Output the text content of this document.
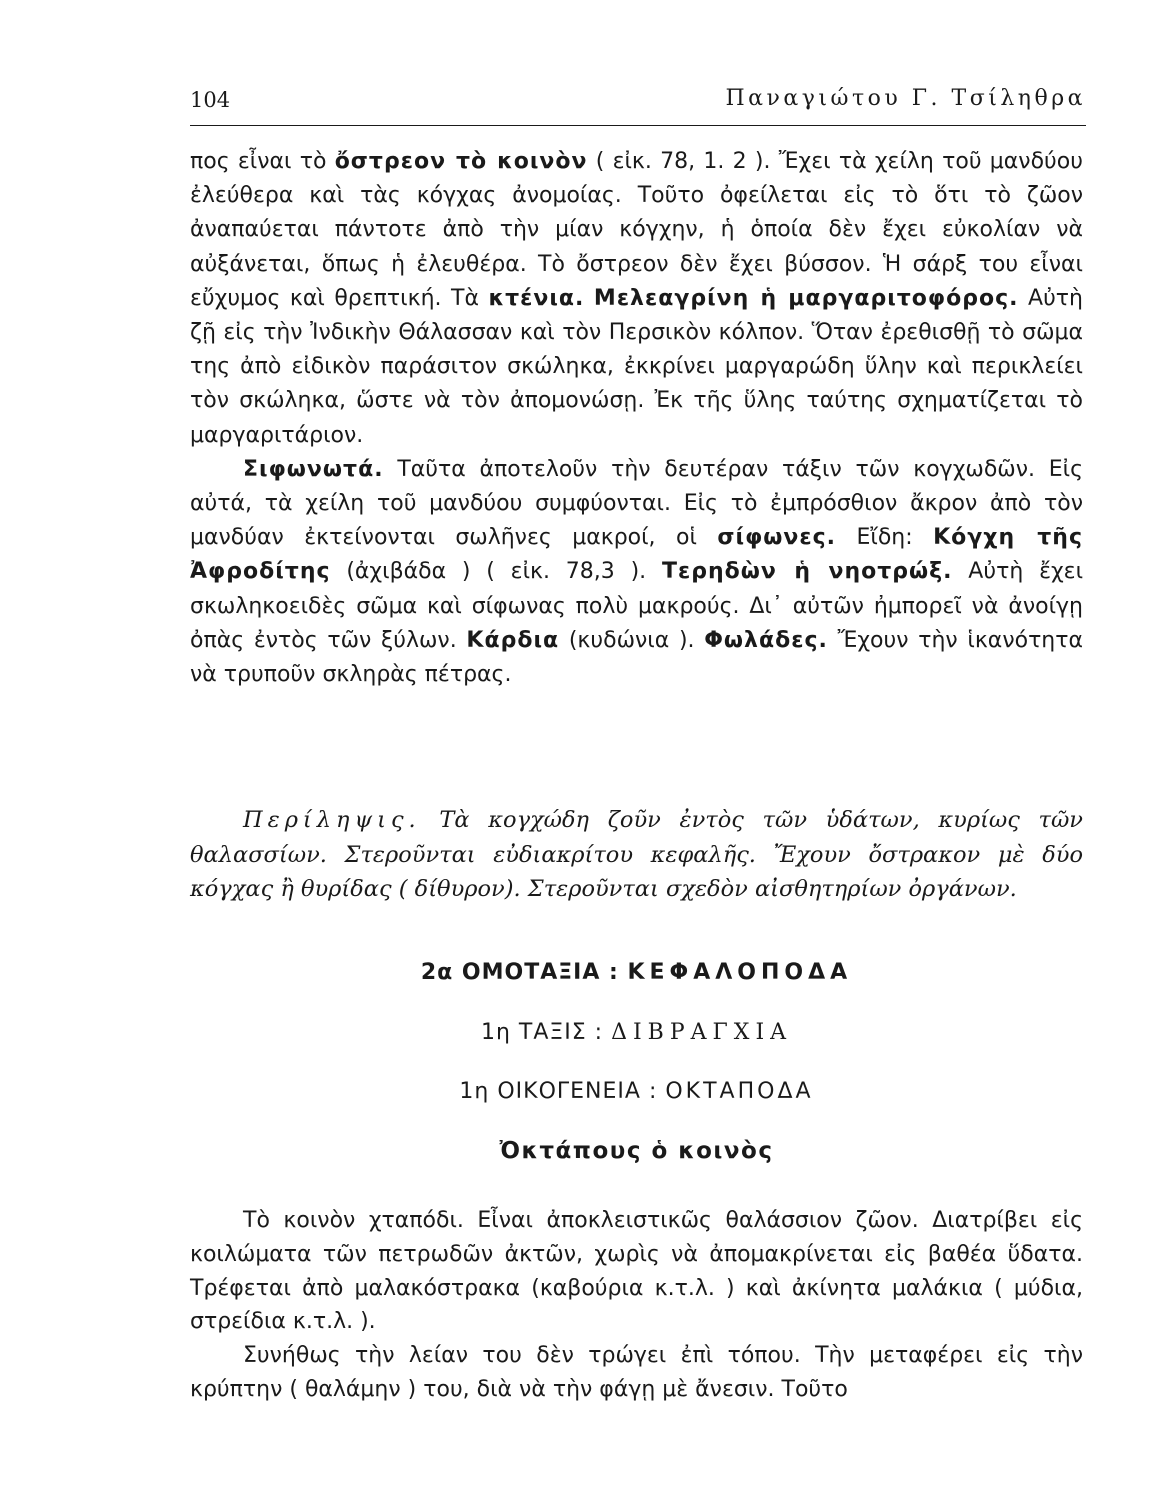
104	Παναγιώτου Γ. Τσίληθρα

πος εἶναι τὸ ὄστρεον τὸ κοινὸν ( εἰκ. 78, 1. 2 ). Ἔχει τὰ χείλη τοῦ μανδύου ἐλεύθερα καὶ τὰς κόγχας ἀνομοίας. Τοῦτο ὀφείλεται εἰς τὸ ὅτι τὸ ζῶον ἀναπαύεται πάντοτε ἀπὸ τὴν μίαν κόγχην, ἡ ὁποία δὲν ἔχει εὐκολίαν νὰ αὐξάνεται, ὅπως ἡ ἐλευθέρα. Τὸ ὄστρεον δὲν ἔχει βύσσον. Ἡ σάρξ του εἶναι εὔχυμος καὶ θρεπτική. Τὰ κτένια. Μελεαγρίνη ἡ μαργαριτοφόρος. Αὐτὴ ζῇ εἰς τὴν Ἰνδικὴν Θάλασσαν καὶ τὸν Περσικὸν κόλπον. Ὅταν ἐρεθισθῇ τὸ σῶμα της ἀπὸ εἰδικὸν παράσιτον σκώληκα, ἐκκρίνει μαργαρώδη ὕλην καὶ περικλείει τὸν σκώληκα, ὥστε νὰ τὸν ἀπομονώσῃ. Ἐκ τῆς ὕλης ταύτης σχηματίζεται τὸ μαργαριτάριον.

Σιφωνωτά. Ταῦτα ἀποτελοῦν τὴν δευτέραν τάξιν τῶν κογχωδῶν. Εἰς αὐτά, τὰ χείλη τοῦ μανδύου συμφύονται. Εἰς τὸ ἐμπρόσθιον ἄκρον ἀπὸ τὸν μανδύαν ἐκτείνονται σωλῆνες μακροί, οἱ σίφωνες. Εἴδη: Κόγχη τῆς Ἀφροδίτης (ἀχιβάδα ) ( εἰκ. 78,3 ). Τερηδὼν ἡ νηοτρώξ. Αὐτὴ ἔχει σκωληκοειδὲς σῶμα καὶ σίφωνας πολὺ μακρούς. Δι᾽ αὐτῶν ἠμπορεῖ νὰ ἀνοίγῃ ὀπὰς ἐντὸς τῶν ξύλων. Κάρδια (κυδώνια ). Φωλάδες. Ἔχουν τὴν ἱκανότητα νὰ τρυποῦν σκληρὰς πέτρας.

Περίληψις. Τὰ κογχώδη ζοῦν ἐντὸς τῶν ὑδάτων, κυρίως τῶν θαλασσίων. Στεροῦνται εὐδιακρίτου κεφαλῆς. Ἔχουν ὄστρακον μὲ δύο κόγχας ἢ θυρίδας ( δίθυρον). Στεροῦνται σχεδὸν αἰσθητηρίων ὀργάνων.
2α ΟΜΟΤΑΞΙΑ : ΚΕΦΑΛΟΠΟΔΑ
1η ΤΑΞΙΣ : ΔΙΒΡΑΓΧΙΑ
1η ΟΙΚΟΓΕΝΕΙΑ : ΟΚΤΑΠΟΔΑ
Ὀκτάπους ὁ κοινὸς

Τὸ κοινὸν χταπόδι. Εἶναι ἀποκλειστικῶς θαλάσσιον ζῶον. Διατρίβει εἰς κοιλώματα τῶν πετρωδῶν ἀκτῶν, χωρὶς νὰ ἀπομακρίνεται εἰς βαθέα ὕδατα. Τρέφεται ἀπὸ μαλακόστρακα (καβούρια κ.τ.λ. ) καὶ ἀκίνητα μαλάκια ( μύδια, στρείδια κ.τ.λ. ).

Συνήθως τὴν λείαν του δὲν τρώγει ἐπὶ τόπου. Τὴν μεταφέρει εἰς τὴν κρύπτην ( θαλάμην ) του, διὰ νὰ τὴν φάγῃ μὲ ἄνεσιν. Τοῦτο
